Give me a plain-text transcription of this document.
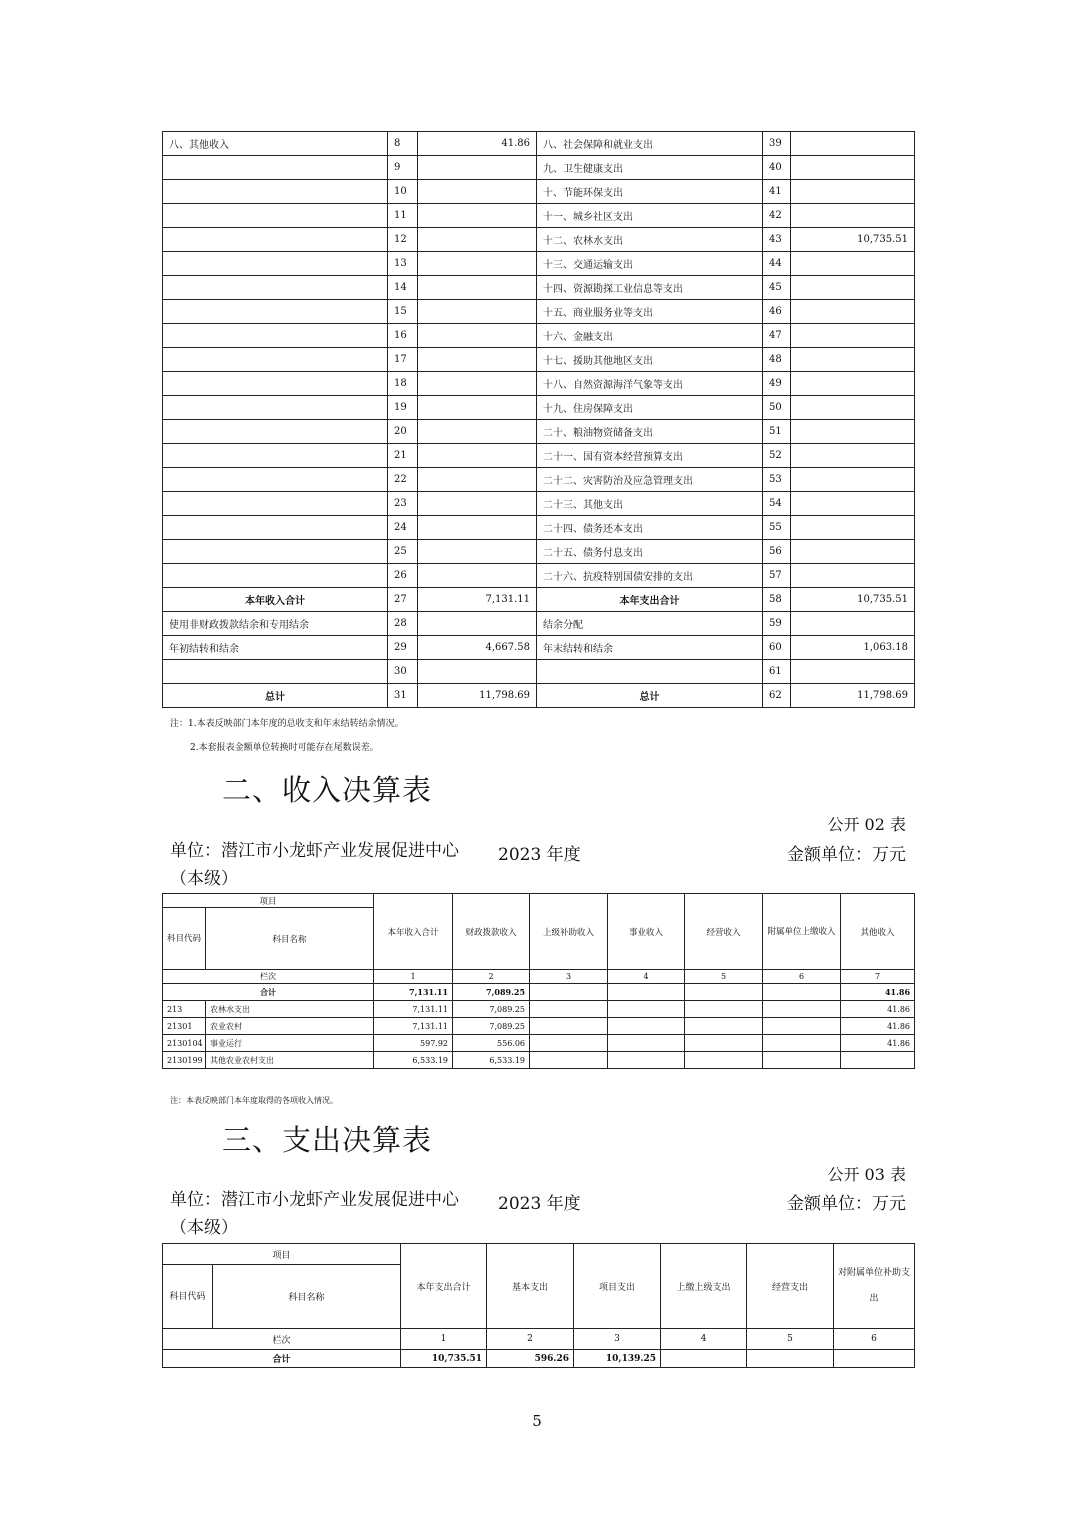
八、其他收入	8	41.86	八、社会保障和就业支出	39	
	9		九、卫生健康支出	40	
	10		十、节能环保支出	41	
	11		十一、城乡社区支出	42	
	12		十二、农林水支出	43	10,735.51
	13		十三、交通运输支出	44	
	14		十四、资源勘探工业信息等支出	45	
	15		十五、商业服务业等支出	46	
	16		十六、金融支出	47	
	17		十七、援助其他地区支出	48	
	18		十八、自然资源海洋气象等支出	49	
	19		十九、住房保障支出	50	
	20		二十、粮油物资储备支出	51	
	21		二十一、国有资本经营预算支出	52	
	22		二十二、灾害防治及应急管理支出	53	
	23		二十三、其他支出	54	
	24		二十四、债务还本支出	55	
	25		二十五、债务付息支出	56	
	26		二十六、抗疫特别国债安排的支出	57	
本年收入合计	27	7,131.11	本年支出合计	58	10,735.51
使用非财政拨款结余和专用结余	28		结余分配	59	
年初结转和结余	29	4,667.58	年末结转和结余	60	1,063.18
	30			61	
总计	31	11,798.69	总计	62	11,798.69
注：1.本表反映部门本年度的总收支和年末结转结余情况。
2.本套报表金额单位转换时可能存在尾数误差。
二、收入决算表
公开 02 表
单位：潜江市小龙虾产业发展促进中心（本级）
2023 年度	金额单位：万元
项目		本年收入合计	财政拨款收入	上级补助收入	事业收入	经营收入	附属单位上缴收入	其他收入
科目代码	科目名称							
栏次		1	2	3	4	5	6	7
合计		7,131.11	7,089.25					41.86
213	农林水支出	7,131.11	7,089.25					41.86
21301	农业农村	7,131.11	7,089.25					41.86
2130104	事业运行	597.92	556.06					41.86
2130199	其他农业农村支出	6,533.19	6,533.19					
注：本表反映部门本年度取得的各项收入情况。
三、支出决算表
公开 03 表
单位：潜江市小龙虾产业发展促进中心（本级）
2023 年度	金额单位：万元
项目		本年支出合计	基本支出	项目支出	上缴上级支出	经营支出	对附属单位补助支出
科目代码	科目名称						
栏次		1	2	3	4	5	6
合计		10,735.51	596.26	10,139.25			
5
